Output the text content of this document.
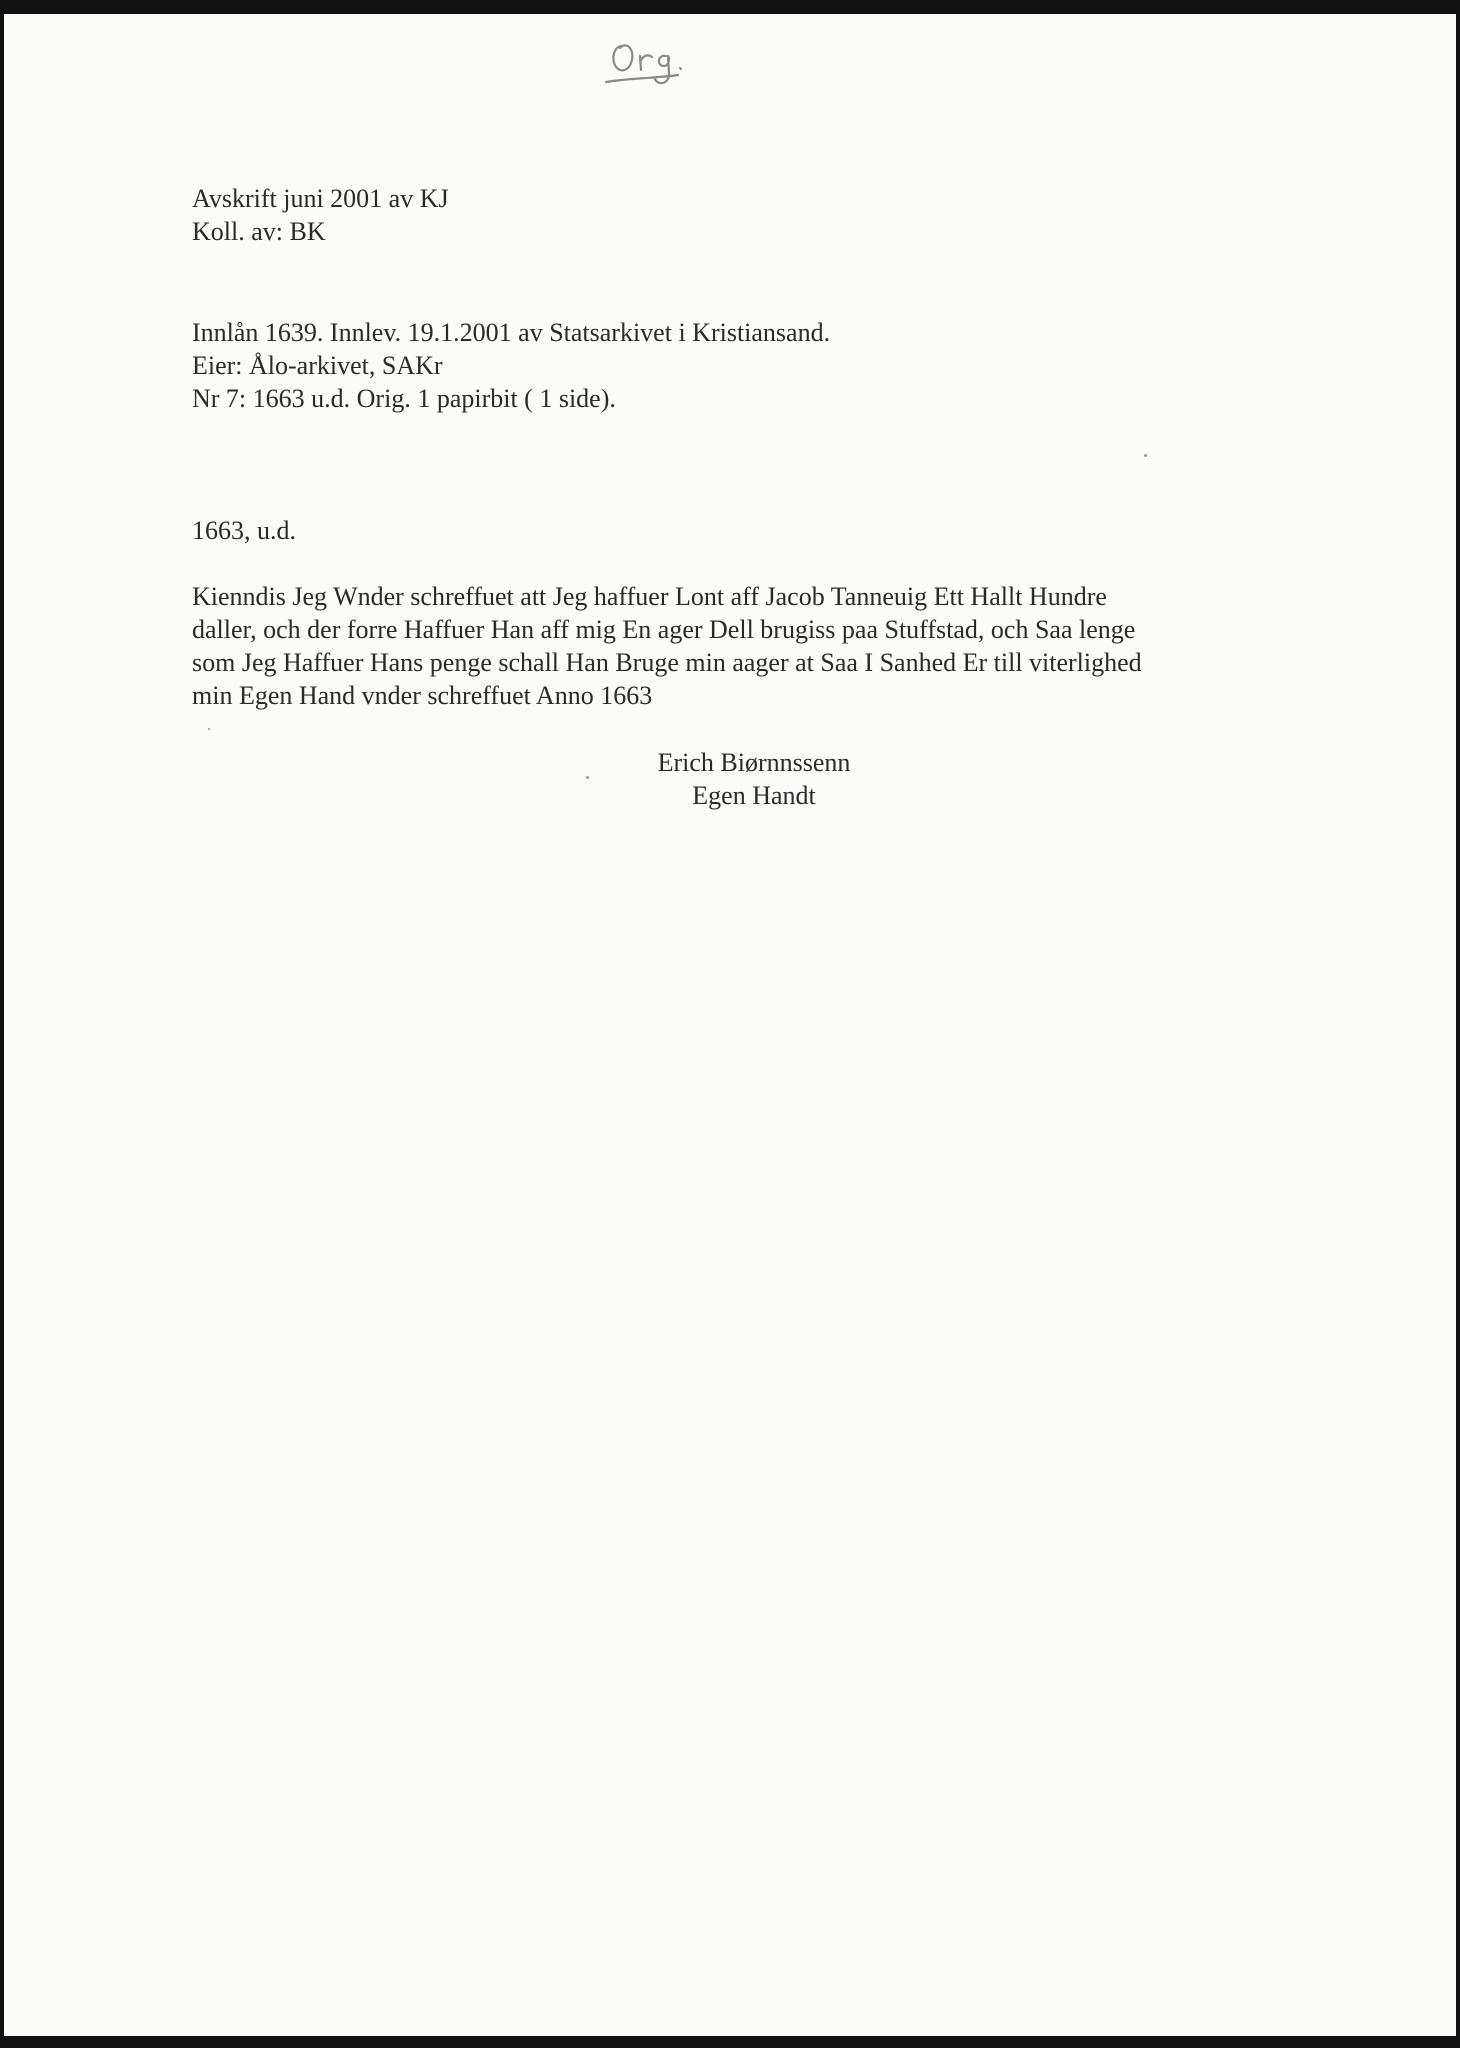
Avskrift juni 2001 av KJ
Koll. av: BK
Innlån 1639. Innlev. 19.1.2001 av Statsarkivet i Kristiansand.
Eier: Ålo-arkivet, SAKr
Nr 7: 1663 u.d. Orig. 1 papirbit ( 1 side).
1663, u.d.
Kienndis Jeg Wnder schreffuet att Jeg haffuer Lont aff Jacob Tanneuig Ett Hallt Hundre
daller, och der forre Haffuer Han aff mig En ager Dell brugiss paa Stuffstad, och Saa lenge
som Jeg Haffuer Hans penge schall Han Bruge min aager at Saa I Sanhed Er till viterlighed
min Egen Hand vnder schreffuet Anno 1663
Erich Biørnnssenn
Egen Handt
